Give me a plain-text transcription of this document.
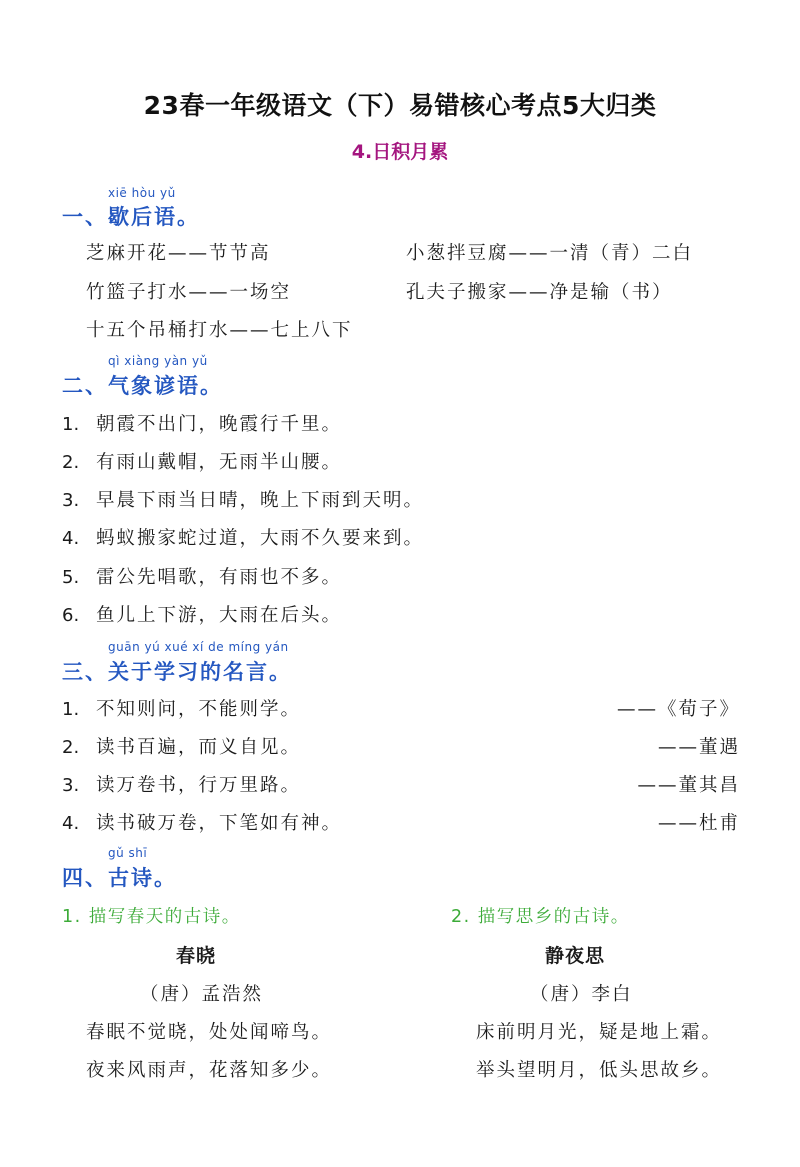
23春一年级语文（下）易错核心考点5大归类
4.日积月累
xiē hòu yǔ
一、歇后语。
芝麻开花——节节高	小葱拌豆腐——一清（青）二白
竹篮子打水——一场空	孔夫子搬家——净是输（书）
十五个吊桶打水——七上八下
qì xiàng yàn yǔ
二、气象谚语。
1. 朝霞不出门，晚霞行千里。
2. 有雨山戴帽，无雨半山腰。
3. 早晨下雨当日晴，晚上下雨到天明。
4. 蚂蚁搬家蛇过道，大雨不久要来到。
5. 雷公先唱歌，有雨也不多。
6. 鱼儿上下游，大雨在后头。
guān yú xué xí de míng yán
三、关于学习的名言。
1. 不知则问，不能则学。	——《荀子》
2. 读书百遍，而义自见。	——董遇
3. 读万卷书，行万里路。	——董其昌
4. 读书破万卷，下笔如有神。	——杜甫
gǔ shī
四、古诗。
1. 描写春天的古诗。
春晓
（唐）孟浩然
春眠不觉晓，处处闻啼鸟。
夜来风雨声，花落知多少。
2. 描写思乡的古诗。
静夜思
（唐）李白
床前明月光，疑是地上霜。
举头望明月，低头思故乡。
